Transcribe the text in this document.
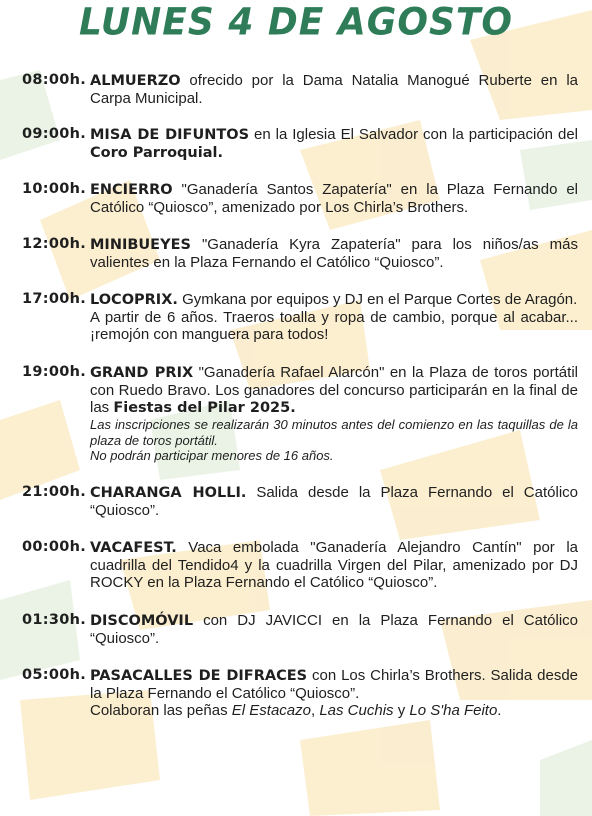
LUNES 4 DE AGOSTO
08:00h. ALMUERZO ofrecido por la Dama Natalia Manogué Ruberte en la Carpa Municipal.
09:00h. MISA DE DIFUNTOS en la Iglesia El Salvador con la participación del Coro Parroquial.
10:00h. ENCIERRO "Ganadería Santos Zapatería" en la Plaza Fernando el Católico “Quiosco”, amenizado por Los Chirla’s Brothers.
12:00h. MINIBUEYES "Ganadería Kyra Zapatería" para los niños/as más valientes en la Plaza Fernando el Católico “Quiosco”.
17:00h. LOCOPRIX. Gymkana por equipos y DJ en el Parque Cortes de Aragón.
A partir de 6 años. Traeros toalla y ropa de cambio, porque al acabar... ¡remojón con manguera para todos!
19:00h. GRAND PRIX "Ganadería Rafael Alarcón" en la Plaza de toros portátil con Ruedo Bravo. Los ganadores del concurso participarán en la final de las Fiestas del Pilar 2025.
Las inscripciones se realizarán 30 minutos antes del comienzo en las taquillas de la plaza de toros portátil.
No podrán participar menores de 16 años.
21:00h. CHARANGA HOLLI. Salida desde la Plaza Fernando el Católico “Quiosco”.
00:00h. VACAFEST. Vaca embolada "Ganadería Alejandro Cantín" por la cuadrilla del Tendido4 y la cuadrilla Virgen del Pilar, amenizado por DJ ROCKY en la Plaza Fernando el Católico “Quiosco”.
01:30h. DISCOMÓVIL con DJ JAVICCI en la Plaza Fernando el Católico “Quiosco”.
05:00h. PASACALLES DE DIFRACES con Los Chirla’s Brothers. Salida desde la Plaza Fernando el Católico “Quiosco”.
Colaboran las peñas El Estacazo, Las Cuchis y Lo S'ha Feito.
